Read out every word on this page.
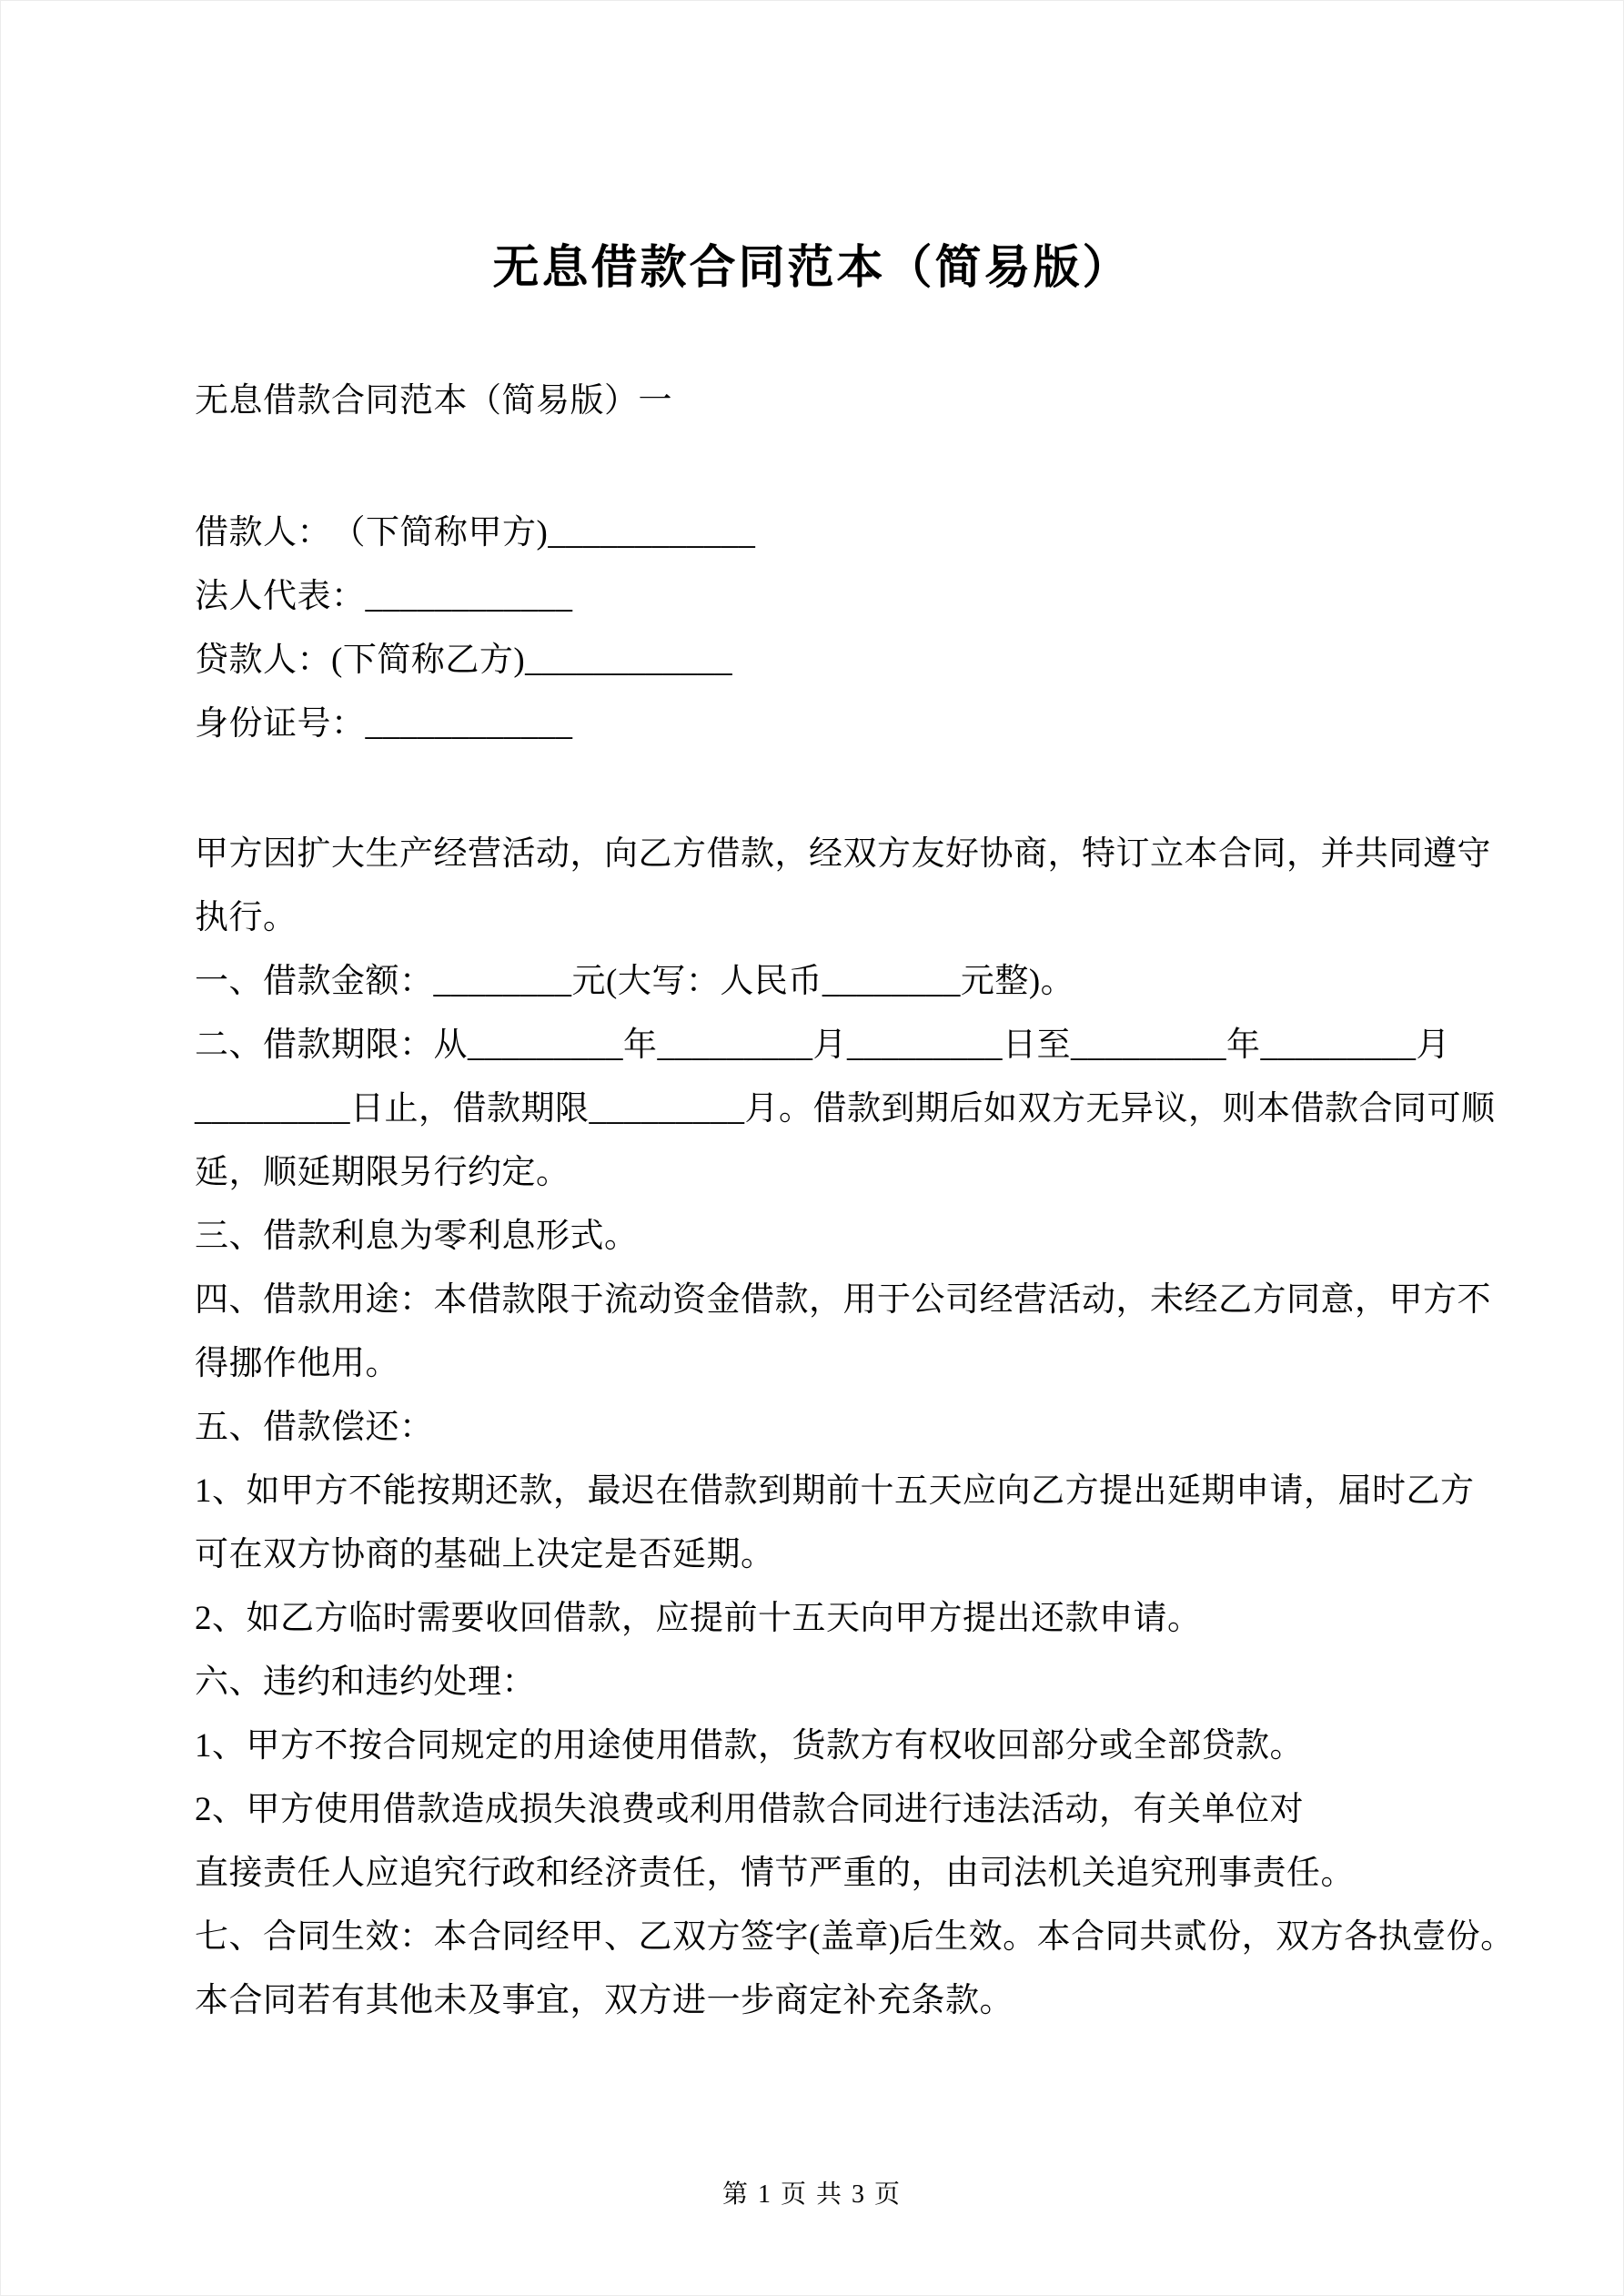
无息借款合同范本（简易版）
无息借款合同范本（简易版）一
借款人：　（下简称甲方)____________
法人代表：____________
贷款人：(下简称乙方)____________
身份证号：____________
甲方因扩大生产经营活动，向乙方借款，经双方友好协商，特订立本合同，并共同遵守
执行。
一、借款金额：________元(大写：人民币________元整)。
二、借款期限：从_________年_________月_________日至_________年_________月
_________日止，借款期限_________月。借款到期后如双方无异议，则本借款合同可顺
延，顺延期限另行约定。
三、借款利息为零利息形式。
四、借款用途：本借款限于流动资金借款，用于公司经营活动，未经乙方同意，甲方不
得挪作他用。
五、借款偿还：
1、如甲方不能按期还款，最迟在借款到期前十五天应向乙方提出延期申请，届时乙方
可在双方协商的基础上决定是否延期。
2、如乙方临时需要收回借款，应提前十五天向甲方提出还款申请。
六、违约和违约处理：
1、甲方不按合同规定的用途使用借款，货款方有权收回部分或全部贷款。
2、甲方使用借款造成损失浪费或利用借款合同进行违法活动，有关单位对
直接责任人应追究行政和经济责任，情节严重的，由司法机关追究刑事责任。
七、合同生效：本合同经甲、乙双方签字(盖章)后生效。本合同共贰份，双方各执壹份。
本合同若有其他未及事宜，双方进一步商定补充条款。
第 1 页 共 3 页
